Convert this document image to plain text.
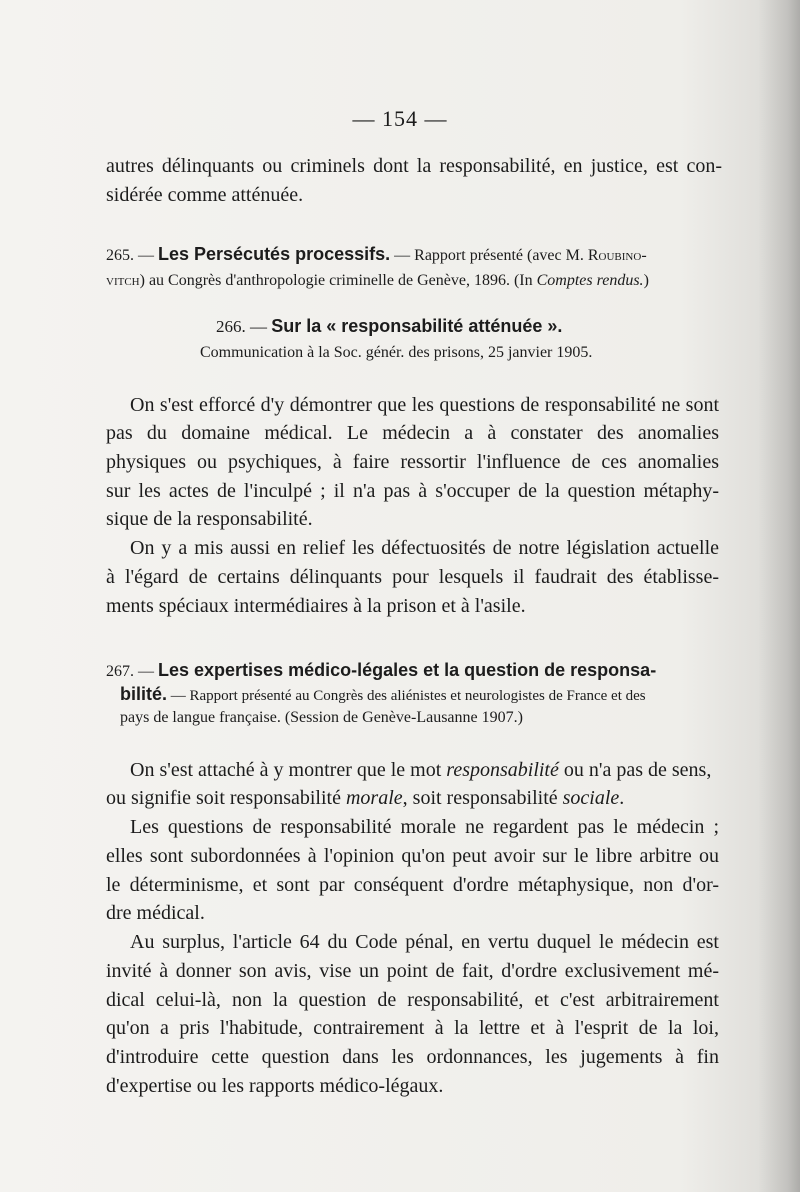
— 154 —
autres délinquants ou criminels dont la responsabilité, en justice, est con-
sidérée comme atténuée.
265. — Les Persécutés processifs. — Rapport présenté (avec M. Roubino-
vitch) au Congrès d'anthropologie criminelle de Genève, 1896. (In Comptes rendus.)
266. — Sur la « responsabilité atténuée ».
Communication à la Soc. génér. des prisons, 25 janvier 1905.
On s'est efforcé d'y démontrer que les questions de responsabilité ne sont
pas du domaine médical. Le médecin a à constater des anomalies
physiques ou psychiques, à faire ressortir l'influence de ces anomalies
sur les actes de l'inculpé ; il n'a pas à s'occuper de la question métaphy-
sique de la responsabilité.
On y a mis aussi en relief les défectuosités de notre législation actuelle
à l'égard de certains délinquants pour lesquels il faudrait des établisse-
ments spéciaux intermédiaires à la prison et à l'asile.
267. — Les expertises médico-légales et la question de responsa-
bilité. — Rapport présenté au Congrès des aliénistes et neurologistes de France et des
pays de langue française. (Session de Genève-Lausanne 1907.)
On s'est attaché à y montrer que le mot responsabilité ou n'a pas de sens,
ou signifie soit responsabilité morale, soit responsabilité sociale.
Les questions de responsabilité morale ne regardent pas le médecin ;
elles sont subordonnées à l'opinion qu'on peut avoir sur le libre arbitre ou
le déterminisme, et sont par conséquent d'ordre métaphysique, non d'or-
dre médical.
Au surplus, l'article 64 du Code pénal, en vertu duquel le médecin est
invité à donner son avis, vise un point de fait, d'ordre exclusivement mé-
dical celui-là, non la question de responsabilité, et c'est arbitrairement
qu'on a pris l'habitude, contrairement à la lettre et à l'esprit de la loi,
d'introduire cette question dans les ordonnances, les jugements à fin
d'expertise ou les rapports médico-légaux.
